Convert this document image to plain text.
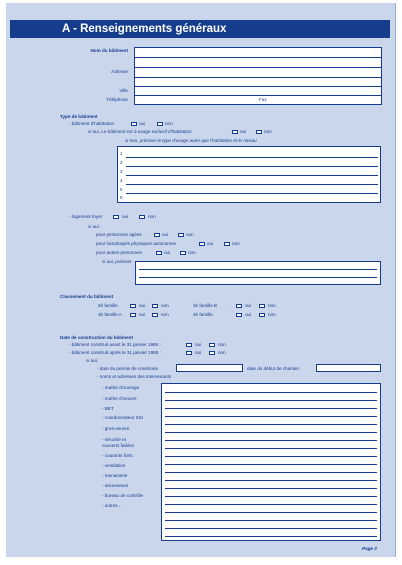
A - Renseignements généraux
Nom du bâtiment
Adresse
Ville
Téléphone	Fax
Type de bâtiment
- bâtiment d'habitation	oui	non
si oui, Le bâtiment est à usage exclusif d'habitation	oui	non
si non, préciser le type d'usage autre que l'habitation et le niveau
1
2
3
4
5
6
- logement foyer	oui	non
si oui :
pour personnes agées	oui	non
pour handicapés physiques autonomes	oui	non
pour autres personnes	oui	non
si oui, préciser
Classement du bâtiment
2è famille	oui	non	3è famille B	oui	non
3è famille A	oui	non	4è famille	oui	non
Date de construction du bâtiment
- bâtiment construit avant le 31 janvier 1986 :	oui	non
- bâtiment construit après le 31 janvier 1986 :	oui	non
si oui,
- date du permis de construire	date du début de chantier
- noms et adresses des intervenants
- maître d'ouvrage
- maître d'oeuvre
- BET
- coordonnateur SSI
- gros-oeuvre
- sécurité et
couverts faibles
- courants forts
- ventilation
- menuiserie
- ascenseurs
- bureau de contrôle
- autres...
Page 3
